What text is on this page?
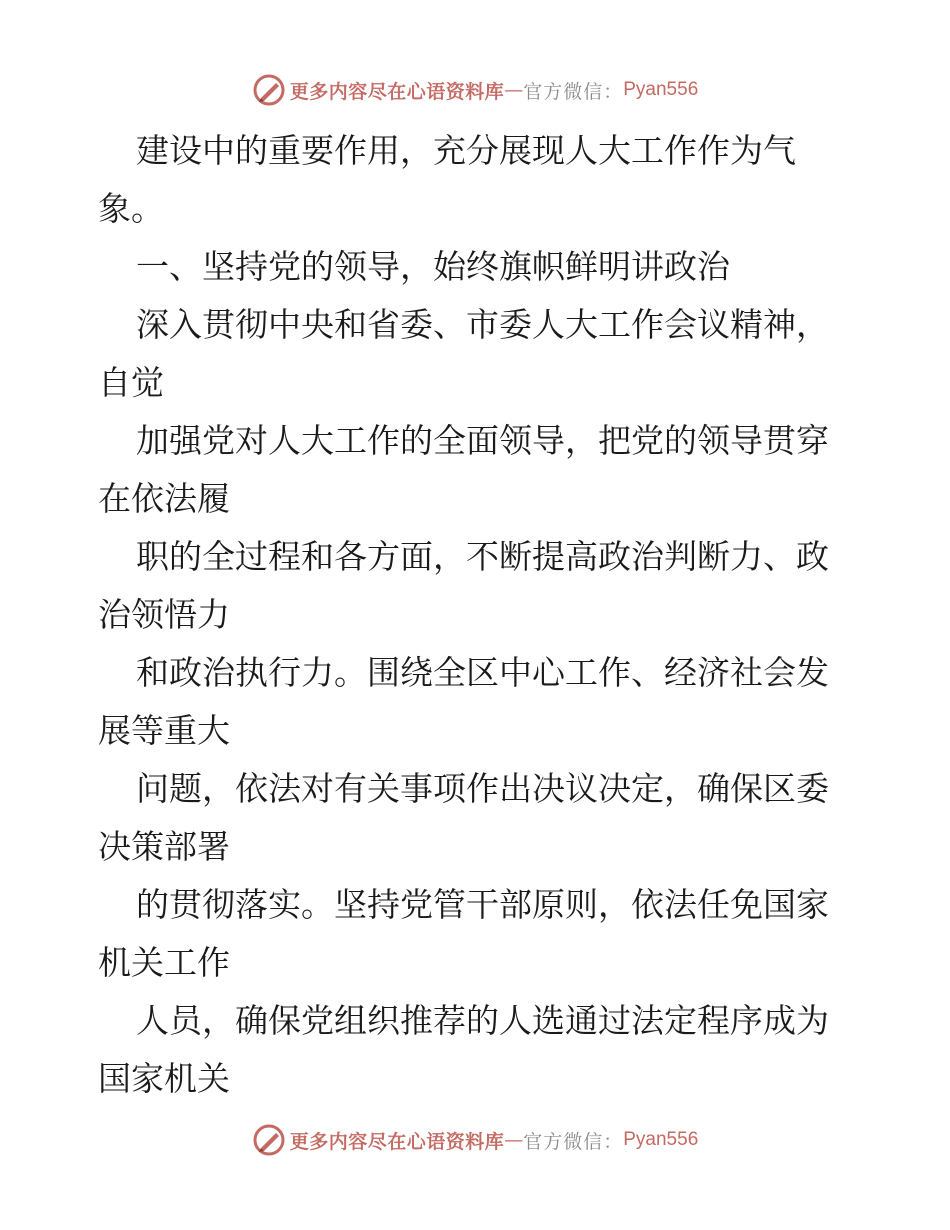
更多内容尽在心语资料库 — 官方微信： Pyan556
建设中的重要作用，充分展现人大工作作为气
象。
一、坚持党的领导，始终旗帜鲜明讲政治
深入贯彻中央和省委、市委人大工作会议精神，
自觉
加强党对人大工作的全面领导，把党的领导贯穿
在依法履
职的全过程和各方面，不断提高政治判断力、政
治领悟力
和政治执行力。围绕全区中心工作、经济社会发
展等重大
问题，依法对有关事项作出决议决定，确保区委
决策部署
的贯彻落实。坚持党管干部原则，依法任免国家
机关工作
人员，确保党组织推荐的人选通过法定程序成为
国家机关
更多内容尽在心语资料库 — 官方微信： Pyan556
